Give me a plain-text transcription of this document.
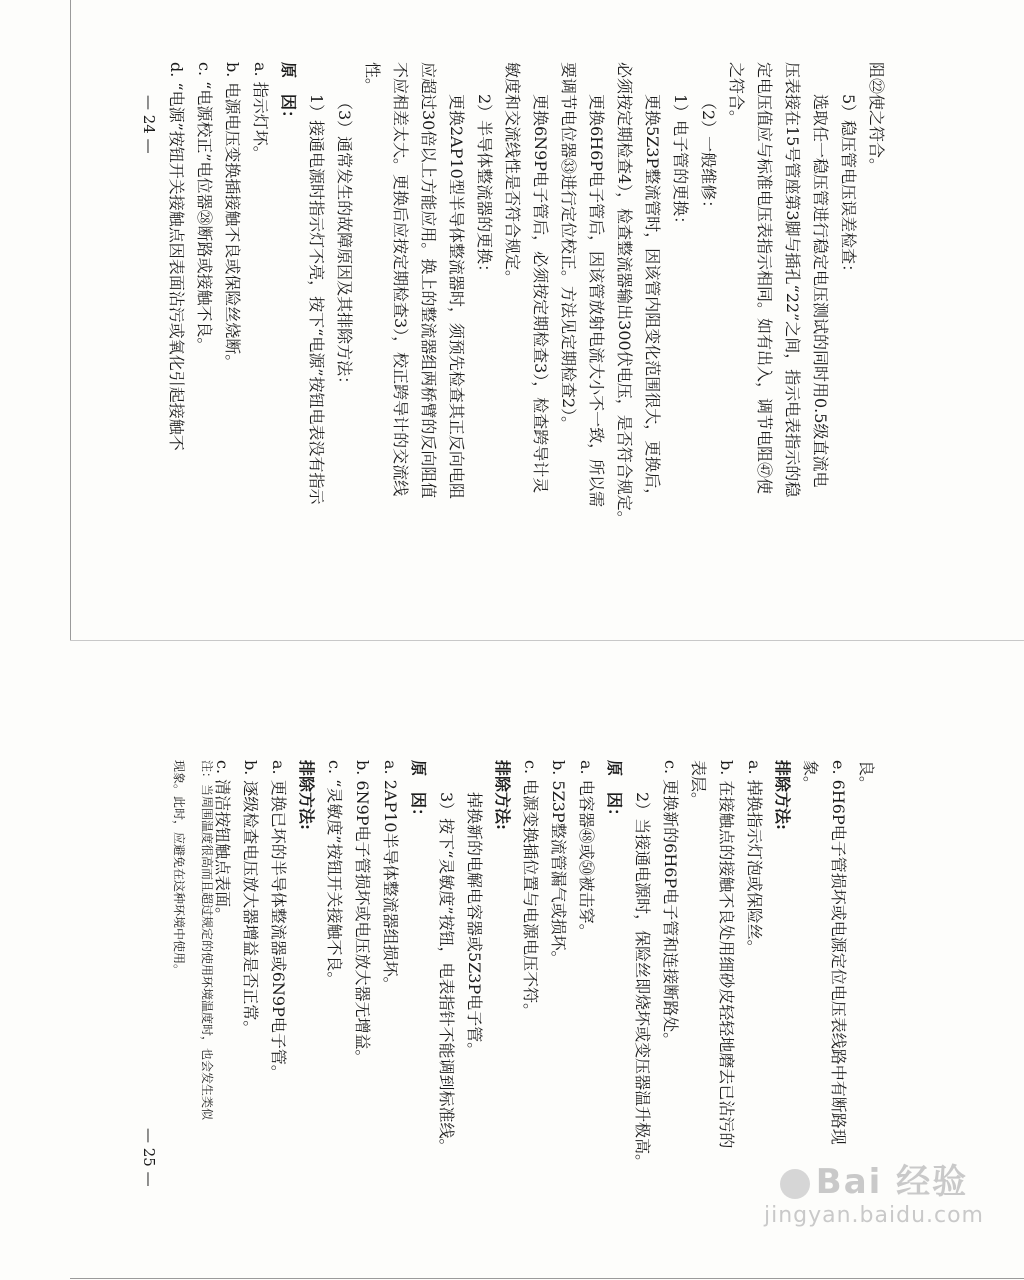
阻㉒使之符合。
5）稳压管电压误差检查：
选取任一稳压管进行稳定电压测试的同时用0.5级直流电
压表接在15号管座第3脚与插孔“22”之间，指示电表指示的稳
定电压值应与标准电压表指示相同。如有出入，调节电阻㊼使
之符合。
（2）一般维修：
1）电子管的更换：
更换5Z3P整流管时，因该管内阻变化范围很大，更换后，
必须按定期检查4），检查整流器输出300伏电压，是否符合规定。
更换6H6P电子管后，因该管放射电流大小不一致，所以需
要调节电位器㉝进行定位校正。方法见定期检查2）。
更换6N9P电子管后，必须按定期检查3），检查跨导计灵
敏度和交流线性是否符合规定。
2）半导体整流器的更换：
更换2AP10型半导体整流器时，须预先检查其正反向电阻
应超过30倍以上方能应用。换上的整流器组两桥臂的反向阻值
不应相差太大。更换后应按定期检查3），校正跨导计的交流线
性。
（3）通常发生的故障原因及其排除方法：
1）接通电源时指示灯不亮，按下“电源”按钮电表没有指示
原　因：
a. 指示灯坏。
b. 电源电压变换插接触不良或保险丝烧断。
c. “电源校正”电位器㉘断路或接触不良。
d. “电源”按钮开关接触点因表面沾污或氧化引起接触不
— 24 —
良。
e. 6H6P电子管损坏或电源定位电压表线路中有断路现
象。
排除方法:
a. 掉换指示灯泡或保险丝。
b. 在接触点的接触不良处用细砂皮轻轻地磨去已沾污的
表层。
c. 更换新的6H6P电子管和连接断路处。
2）当接通电源时，保险丝即烧坏或变压器温升极高。
原　因：
a. 电容器㊽或㊿被击穿。
b. 5Z3P整流管漏气或损坏。
c. 电源变换插位置与电源电压不符。
排除方法:
掉换新的电解电容器或5Z3P电子管。
3）按下“灵敏度”按钮，电表指针不能调到标准线。
原　因：
a. 2AP10半导体整流器组损坏。
b. 6N9P电子管损坏或电压放大器无增益。
c. “灵敏度”按钮开关接触不良。
排除方法:
a. 更换已坏的半导体整流器或6N9P电子管。
b. 逐级检查电压放大器增益是否正常。
c. 清洁按钮触点表面。
注：当周围温度很高而且超过规定的使用环境温度时，也会发生类似
现象。此时，应避免在这种环境中使用。
— 25 —	Bai 经验
jingyan.baidu.com
